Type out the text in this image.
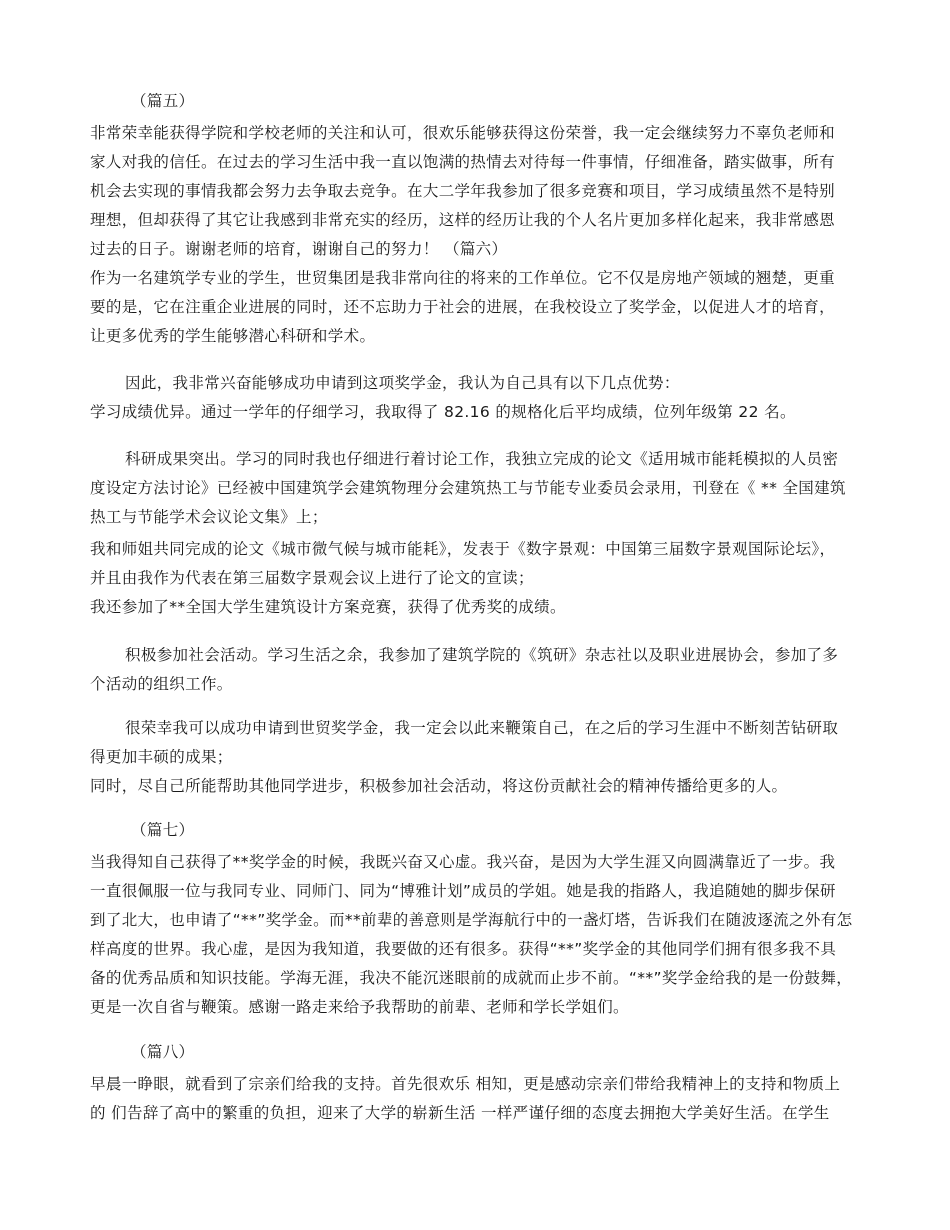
（篇五）

非常荣幸能获得学院和学校老师的关注和认可，很欢乐能够获得这份荣誉，我一定会继续努力不辜负老师和

家人对我的信任。在过去的学习生活中我一直以饱满的热情去对待每一件事情，仔细准备，踏实做事，所有

机会去实现的事情我都会努力去争取去竞争。在大二学年我参加了很多竞赛和项目，学习成绩虽然不是特别

理想，但却获得了其它让我感到非常充实的经历，这样的经历让我的个人名片更加多样化起来，我非常感恩

过去的日子。谢谢老师的培育，谢谢自己的努力！ （篇六）

作为一名建筑学专业的学生，世贸集团是我非常向往的将来的工作单位。它不仅是房地产领域的翘楚，更重

要的是，它在注重企业进展的同时，还不忘助力于社会的进展，在我校设立了奖学金，以促进人才的培育，

让更多优秀的学生能够潜心科研和学术。

因此，我非常兴奋能够成功申请到这项奖学金，我认为自己具有以下几点优势：

学习成绩优异。通过一学年的仔细学习，我取得了 82.16 的规格化后平均成绩，位列年级第 22 名。

科研成果突出。学习的同时我也仔细进行着讨论工作，我独立完成的论文《适用城市能耗模拟的人员密

度设定方法讨论》已经被中国建筑学会建筑物理分会建筑热工与节能专业委员会录用，刊登在《 ** 全国建筑

热工与节能学术会议论文集》上；

我和师姐共同完成的论文《城市微气候与城市能耗》，发表于《数字景观：中国第三届数字景观国际论坛》，

并且由我作为代表在第三届数字景观会议上进行了论文的宣读；

我还参加了**全国大学生建筑设计方案竞赛，获得了优秀奖的成绩。

积极参加社会活动。学习生活之余，我参加了建筑学院的《筑研》杂志社以及职业进展协会，参加了多

个活动的组织工作。

很荣幸我可以成功申请到世贸奖学金，我一定会以此来鞭策自己，在之后的学习生涯中不断刻苦钻研取

得更加丰硕的成果；

同时，尽自己所能帮助其他同学进步，积极参加社会活动，将这份贡献社会的精神传播给更多的人。

（篇七）

当我得知自己获得了**奖学金的时候，我既兴奋又心虚。我兴奋，是因为大学生涯又向圆满靠近了一步。我

一直很佩服一位与我同专业、同师门、同为“博雅计划”成员的学姐。她是我的指路人，我追随她的脚步保研

到了北大，也申请了“**”奖学金。而**前辈的善意则是学海航行中的一盏灯塔，告诉我们在随波逐流之外有怎

样高度的世界。我心虚，是因为我知道，我要做的还有很多。获得“**”奖学金的其他同学们拥有很多我不具

备的优秀品质和知识技能。学海无涯，我决不能沉迷眼前的成就而止步不前。“**”奖学金给我的是一份鼓舞，

更是一次自省与鞭策。感谢一路走来给予我帮助的前辈、老师和学长学姐们。

（篇八）

早晨一睁眼，就看到了宗亲们给我的支持。首先很欢乐 相知，更是感动宗亲们带给我精神上的支持和物质上

的 们告辞了高中的繁重的负担，迎来了大学的崭新生活 一样严谨仔细的态度去拥抱大学美好生活。在学生
